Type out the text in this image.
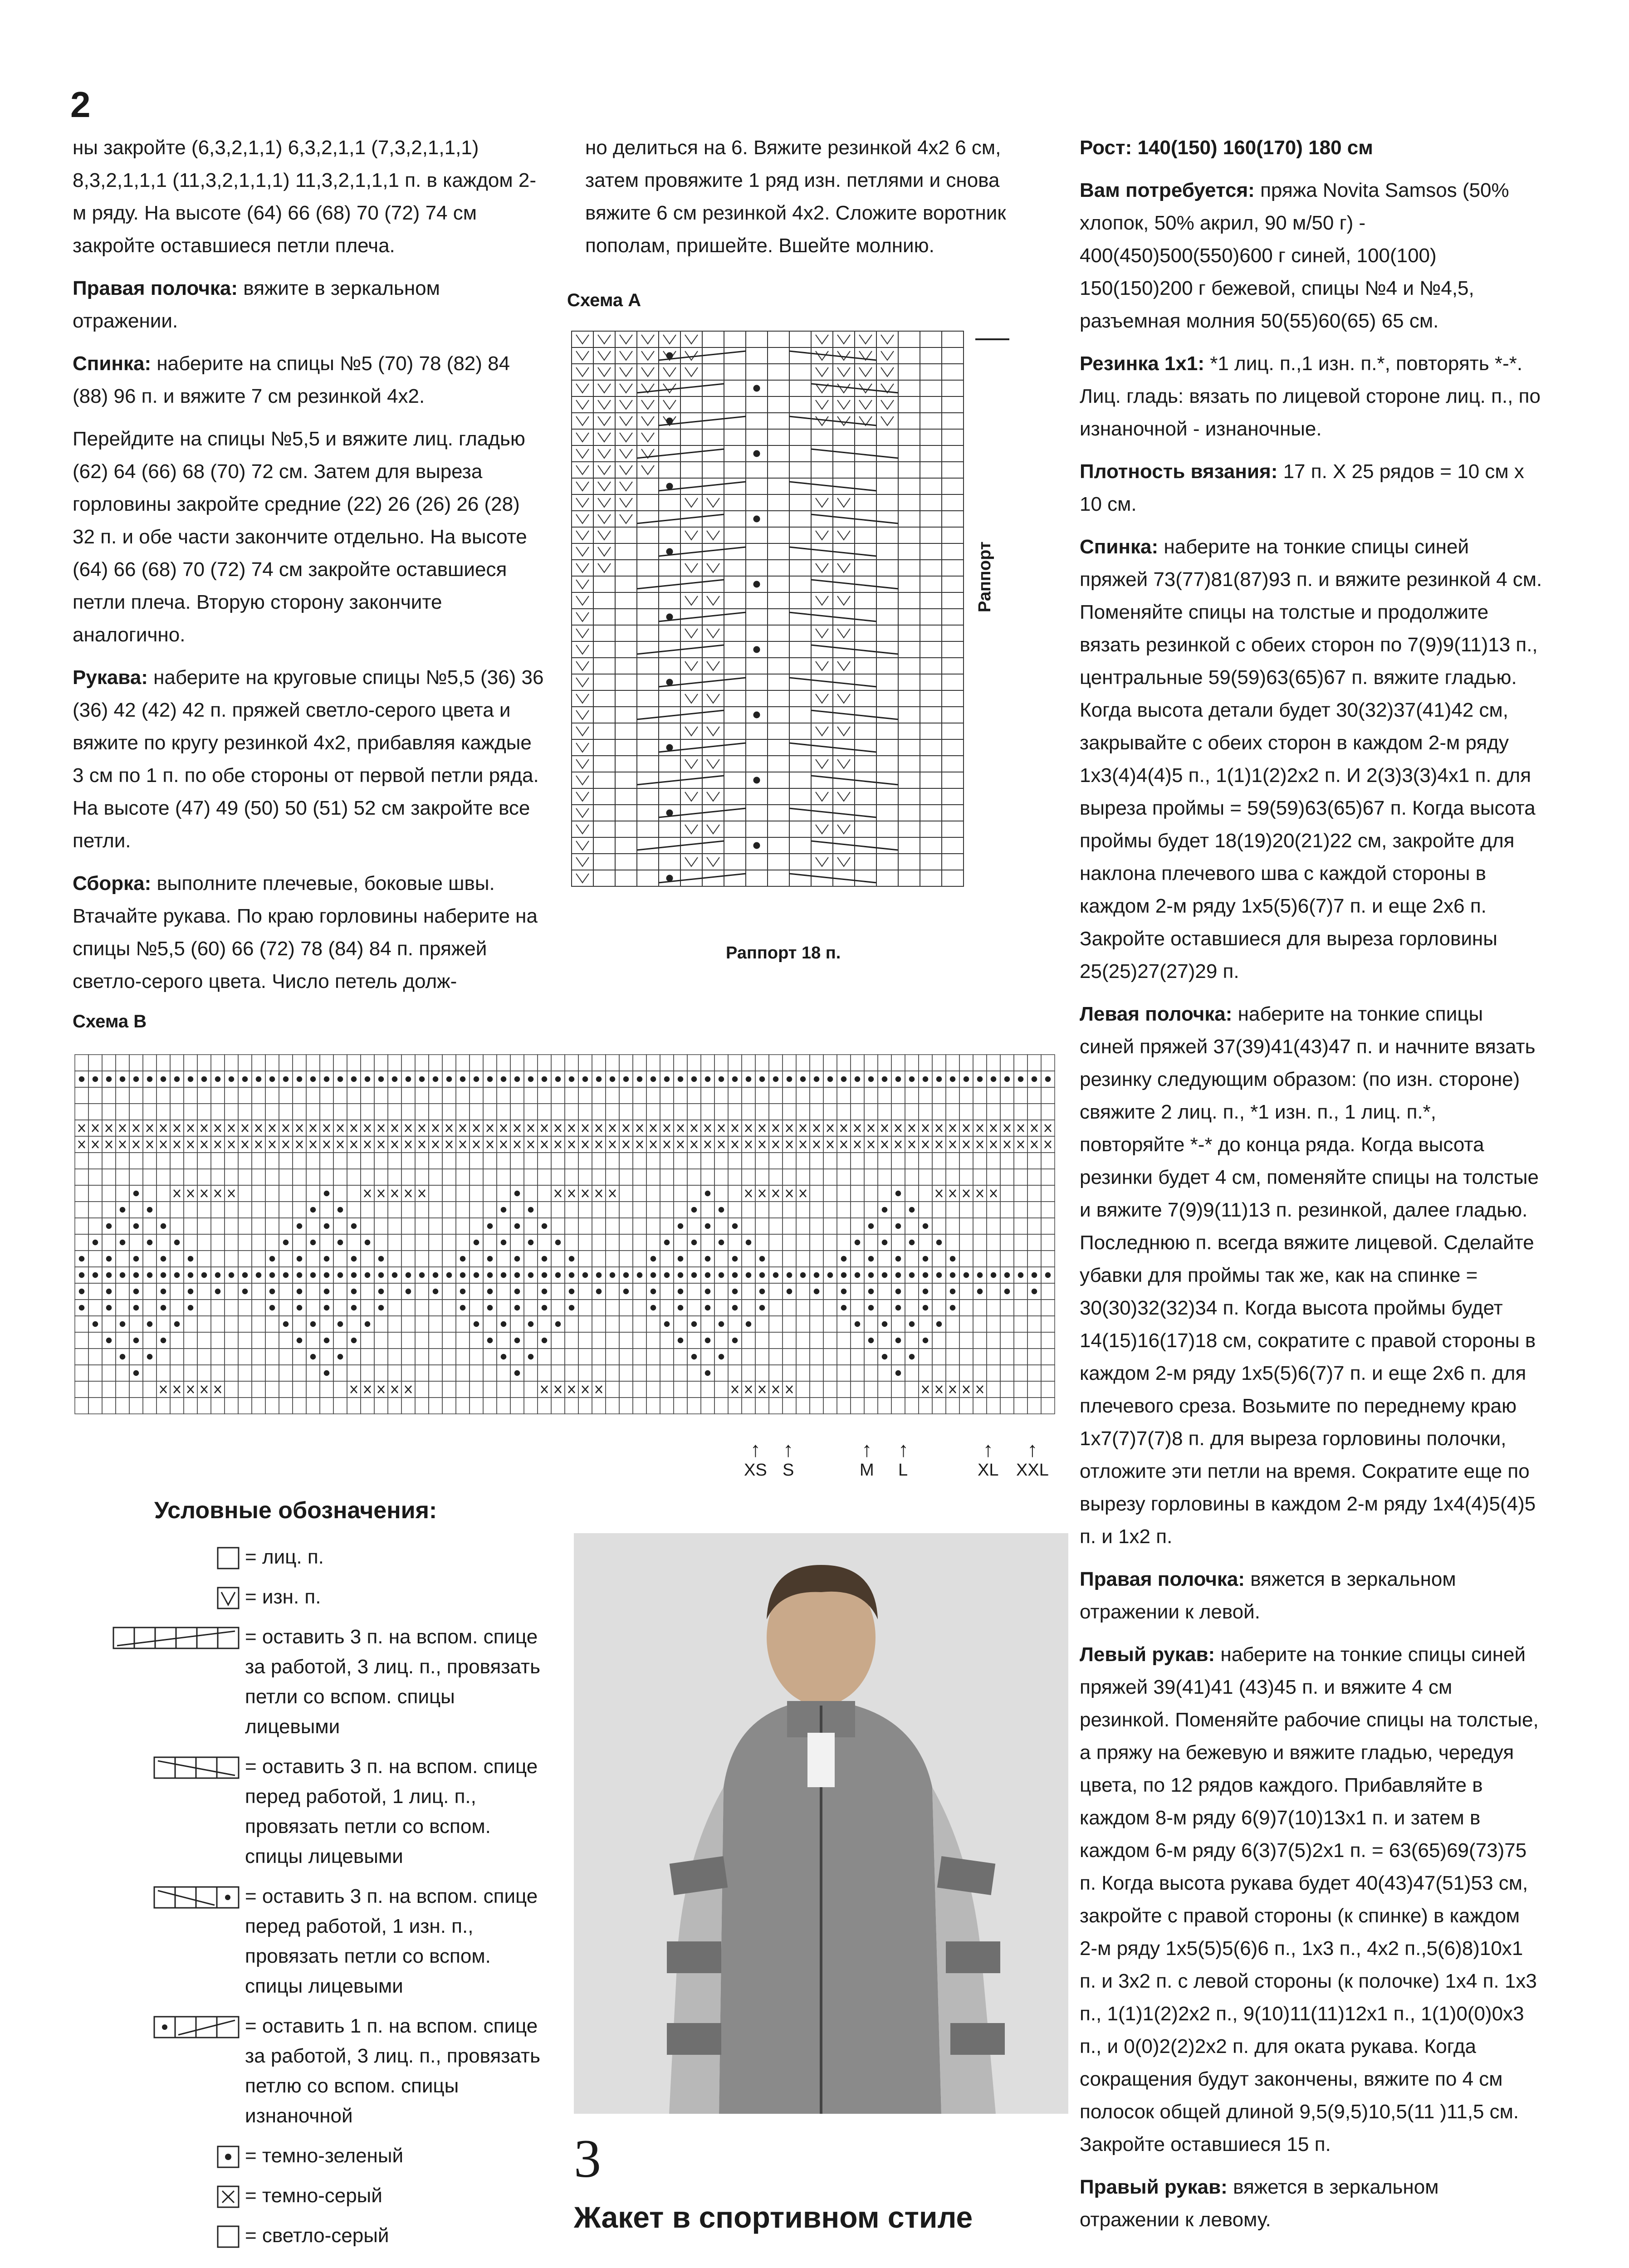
2

ны закройте (6,3,2,1,1) 6,3,2,1,1 (7,3,2,1,1,1) 8,3,2,1,1,1 (11,3,2,1,1,1) 11,3,2,1,1,1 п. в каждом 2-м ряду. На высоте (64) 66 (68) 70 (72) 74 см закройте оставшиеся петли плеча.

Правая полочка: вяжите в зеркальном отражении.

Спинка: наберите на спицы №5 (70) 78 (82) 84 (88) 96 п. и вяжите 7 см резинкой 4х2.

Перейдите на спицы №5,5 и вяжите лиц. гладью (62) 64 (66) 68 (70) 72 см. Затем для выреза горловины закройте средние (22) 26 (26) 26 (28) 32 п. и обе части закончите отдельно. На высоте (64) 66 (68) 70 (72) 74 см закройте оставшиеся петли плеча. Вторую сторону закончите аналогично.

Рукава: наберите на круговые спицы №5,5 (36) 36 (36) 42 (42) 42 п. пряжей светло-серого цвета и вяжите по кругу резинкой 4х2, прибавляя каждые 3 см по 1 п. по обе стороны от первой петли ряда. На высоте (47) 49 (50) 50 (51) 52 см закройте все петли.

Сборка: выполните плечевые, боковые швы. Втачайте рукава. По краю горловины наберите на спицы №5,5 (60) 66 (72) 78 (84) 84 п. пряжей светло-серого цвета. Число петель долж-

но делиться на 6. Вяжите резинкой 4х2 6 см, затем провяжите 1 ряд изн. петлями и снова вяжите 6 см резинкой 4х2. Сложите воротник пополам, пришейте. Вшейте молнию.

Схема А
Раппорт
Раппорт 18 п.
Схема В
↑
XS
↑
S
↑
M
↑
L
↑
XL
↑
XXL
Условные обозначения:
= лиц. п.
= изн. п.
= оставить 3 п. на вспом. спице за работой, 3 лиц. п., провязать петли со вспом. спицы лицевыми
= оставить 3 п. на вспом. спице перед работой, 1 лиц. п., провязать петли со вспом. спицы лицевыми
= оставить 3 п. на вспом. спице перед работой, 1 изн. п., провязать петли со вспом. спицы лицевыми
= оставить 1 п. на вспом. спице за работой, 3 лиц. п., провязать петлю со вспом. спицы изнаночной
= темно-зеленый
= темно-серый
= светло-серый
3
Жакет в спортивном стиле

Рост: 140(150) 160(170) 180 см

Вам потребуется: пряжа Novita Samsos (50% хлопок, 50% акрил, 90 м/50 г) - 400(450)500(550)600 г синей, 100(100) 150(150)200 г бежевой, спицы №4 и №4,5, разъемная молния 50(55)60(65) 65 см.

Резинка 1х1: *1 лиц. п.,1 изн. п.*, повторять *-*. Лиц. гладь: вязать по лицевой стороне лиц. п., по изнаночной - изнаночные.

Плотность вязания: 17 п. Х 25 рядов = 10 см х 10 см.

Спинка: наберите на тонкие спицы синей пряжей 73(77)81(87)93 п. и вяжите резинкой 4 см. Поменяйте спицы на толстые и продолжите вязать резинкой с обеих сторон по 7(9)9(11)13 п., центральные 59(59)63(65)67 п. вяжите гладью. Когда высота детали будет 30(32)37(41)42 см, закрывайте с обеих сторон в каждом 2-м ряду 1х3(4)4(4)5 п., 1(1)1(2)2х2 п. И 2(3)3(3)4х1 п. для выреза проймы = 59(59)63(65)67 п. Когда высота проймы будет 18(19)20(21)22 см, закройте для наклона плечевого шва с каждой стороны в каждом 2-м ряду 1х5(5)6(7)7 п. и еще 2х6 п. Закройте оставшиеся для выреза горловины 25(25)27(27)29 п.

Левая полочка: наберите на тонкие спицы синей пряжей 37(39)41(43)47 п. и начните вязать резинку следующим образом: (по изн. стороне) свяжите 2 лиц. п., *1 изн. п., 1 лиц. п.*, повторяйте *-* до конца ряда. Когда высота резинки будет 4 см, поменяйте спицы на толстые и вяжите 7(9)9(11)13 п. резинкой, далее гладью. Последнюю п. всегда вяжите лицевой. Сделайте убавки для проймы так же, как на спинке = 30(30)32(32)34 п. Когда высота проймы будет 14(15)16(17)18 см, сократите с правой стороны в каждом 2-м ряду 1х5(5)6(7)7 п. и еще 2х6 п. для плечевого среза. Возьмите по переднему краю 1х7(7)7(7)8 п. для выреза горловины полочки, отложите эти петли на время. Сократите еще по вырезу горловины в каждом 2-м ряду 1х4(4)5(4)5 п. и 1х2 п.

Правая полочка: вяжется в зеркальном отражении к левой.

Левый рукав: наберите на тонкие спицы синей пряжей 39(41)41 (43)45 п. и вяжите 4 см резинкой. Поменяйте рабочие спицы на толстые, а пряжу на бежевую и вяжите гладью, чередуя цвета, по 12 рядов каждого. Прибавляйте в каждом 8-м ряду 6(9)7(10)13х1 п. и затем в каждом 6-м ряду 6(3)7(5)2х1 п. = 63(65)69(73)75 п. Когда высота рукава будет 40(43)47(51)53 см, закройте с правой стороны (к спинке) в каждом 2-м ряду 1х5(5)5(6)6 п., 1х3 п., 4х2 п.,5(6)8)10х1 п. и 3х2 п. с левой стороны (к полочке) 1х4 п. 1х3 п., 1(1)1(2)2х2 п., 9(10)11(11)12х1 п., 1(1)0(0)0х3 п., и 0(0)2(2)2х2 п. для оката рукава. Когда сокращения будут закончены, вяжите по 4 см полосок общей длиной 9,5(9,5)10,5(11 )11,5 см. Закройте оставшиеся 15 п.

Правый рукав: вяжется в зеркальном отражении к левому.
